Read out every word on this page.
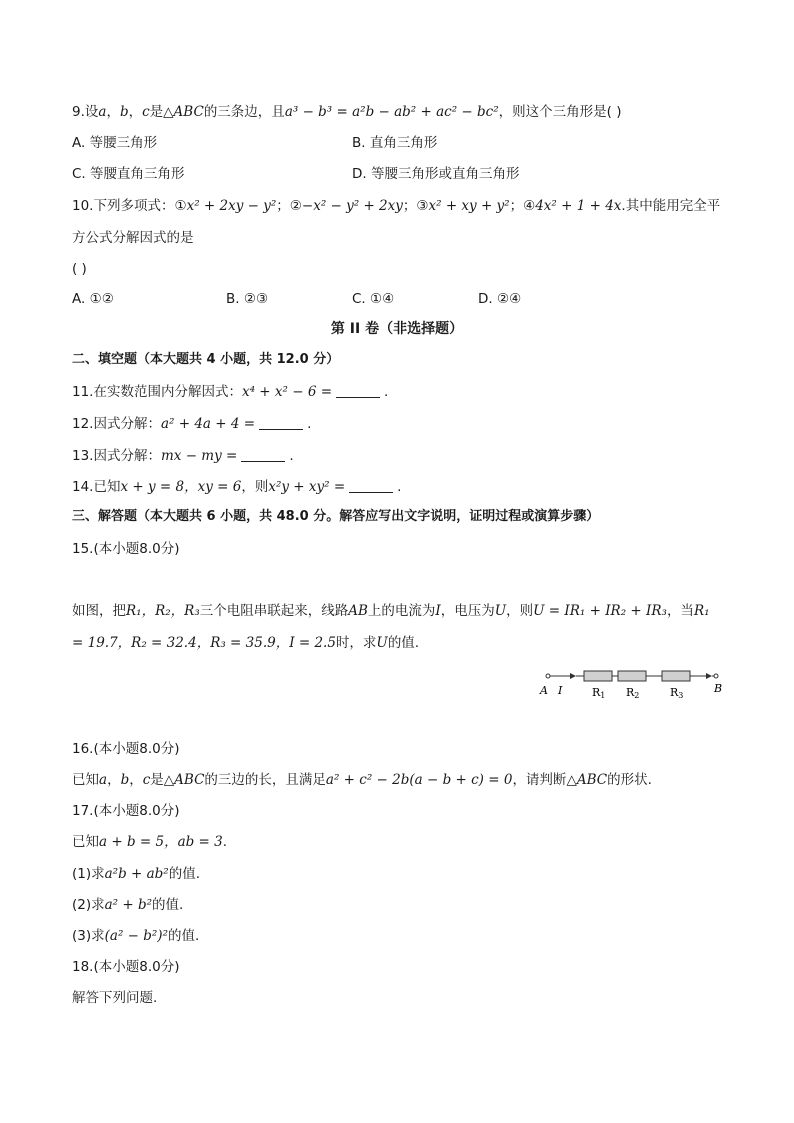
9.设a，b，c是△ABC的三条边，且a³ − b³ = a²b − ab² + ac² − bc²，则这个三角形是( )
A. 等腰三角形	B. 直角三角形
C. 等腰直角三角形	D. 等腰三角形或直角三角形
10.下列多项式：①x² + 2xy − y²；②−x² − y² + 2xy；③x² + xy + y²；④4x² + 1 + 4x.其中能用完全平
方公式分解因式的是
( )
A. ①②	B. ②③	C. ①④	D. ②④
第 II 卷（非选择题）
二、填空题（本大题共 4 小题，共 12.0 分）
11.在实数范围内分解因式：x⁴ + x² − 6 =	.
12.因式分解：a² + 4a + 4 =	.
13.因式分解：mx − my =	.
14.已知x + y = 8，xy = 6，则x²y + xy² =	.
三、解答题（本大题共 6 小题，共 48.0 分。解答应写出文字说明，证明过程或演算步骤）
15.(本小题8.0分)
如图，把R₁，R₂，R₃三个电阻串联起来，线路AB上的电流为I，电压为U，则U = IR₁ + IR₂ + IR₃，当R₁
= 19.7，R₂ = 32.4，R₃ = 35.9，I = 2.5时，求U的值.
A I	R1 R2	R3
B
16.(本小题8.0分)
已知a，b，c是△ABC的三边的长，且满足a² + c² − 2b(a − b + c) = 0，请判断△ABC的形状.
17.(本小题8.0分)
已知a + b = 5，ab = 3.
(1)求a²b + ab²的值.
(2)求a² + b²的值.
(3)求(a² − b²)²的值.
18.(本小题8.0分)
解答下列问题.
